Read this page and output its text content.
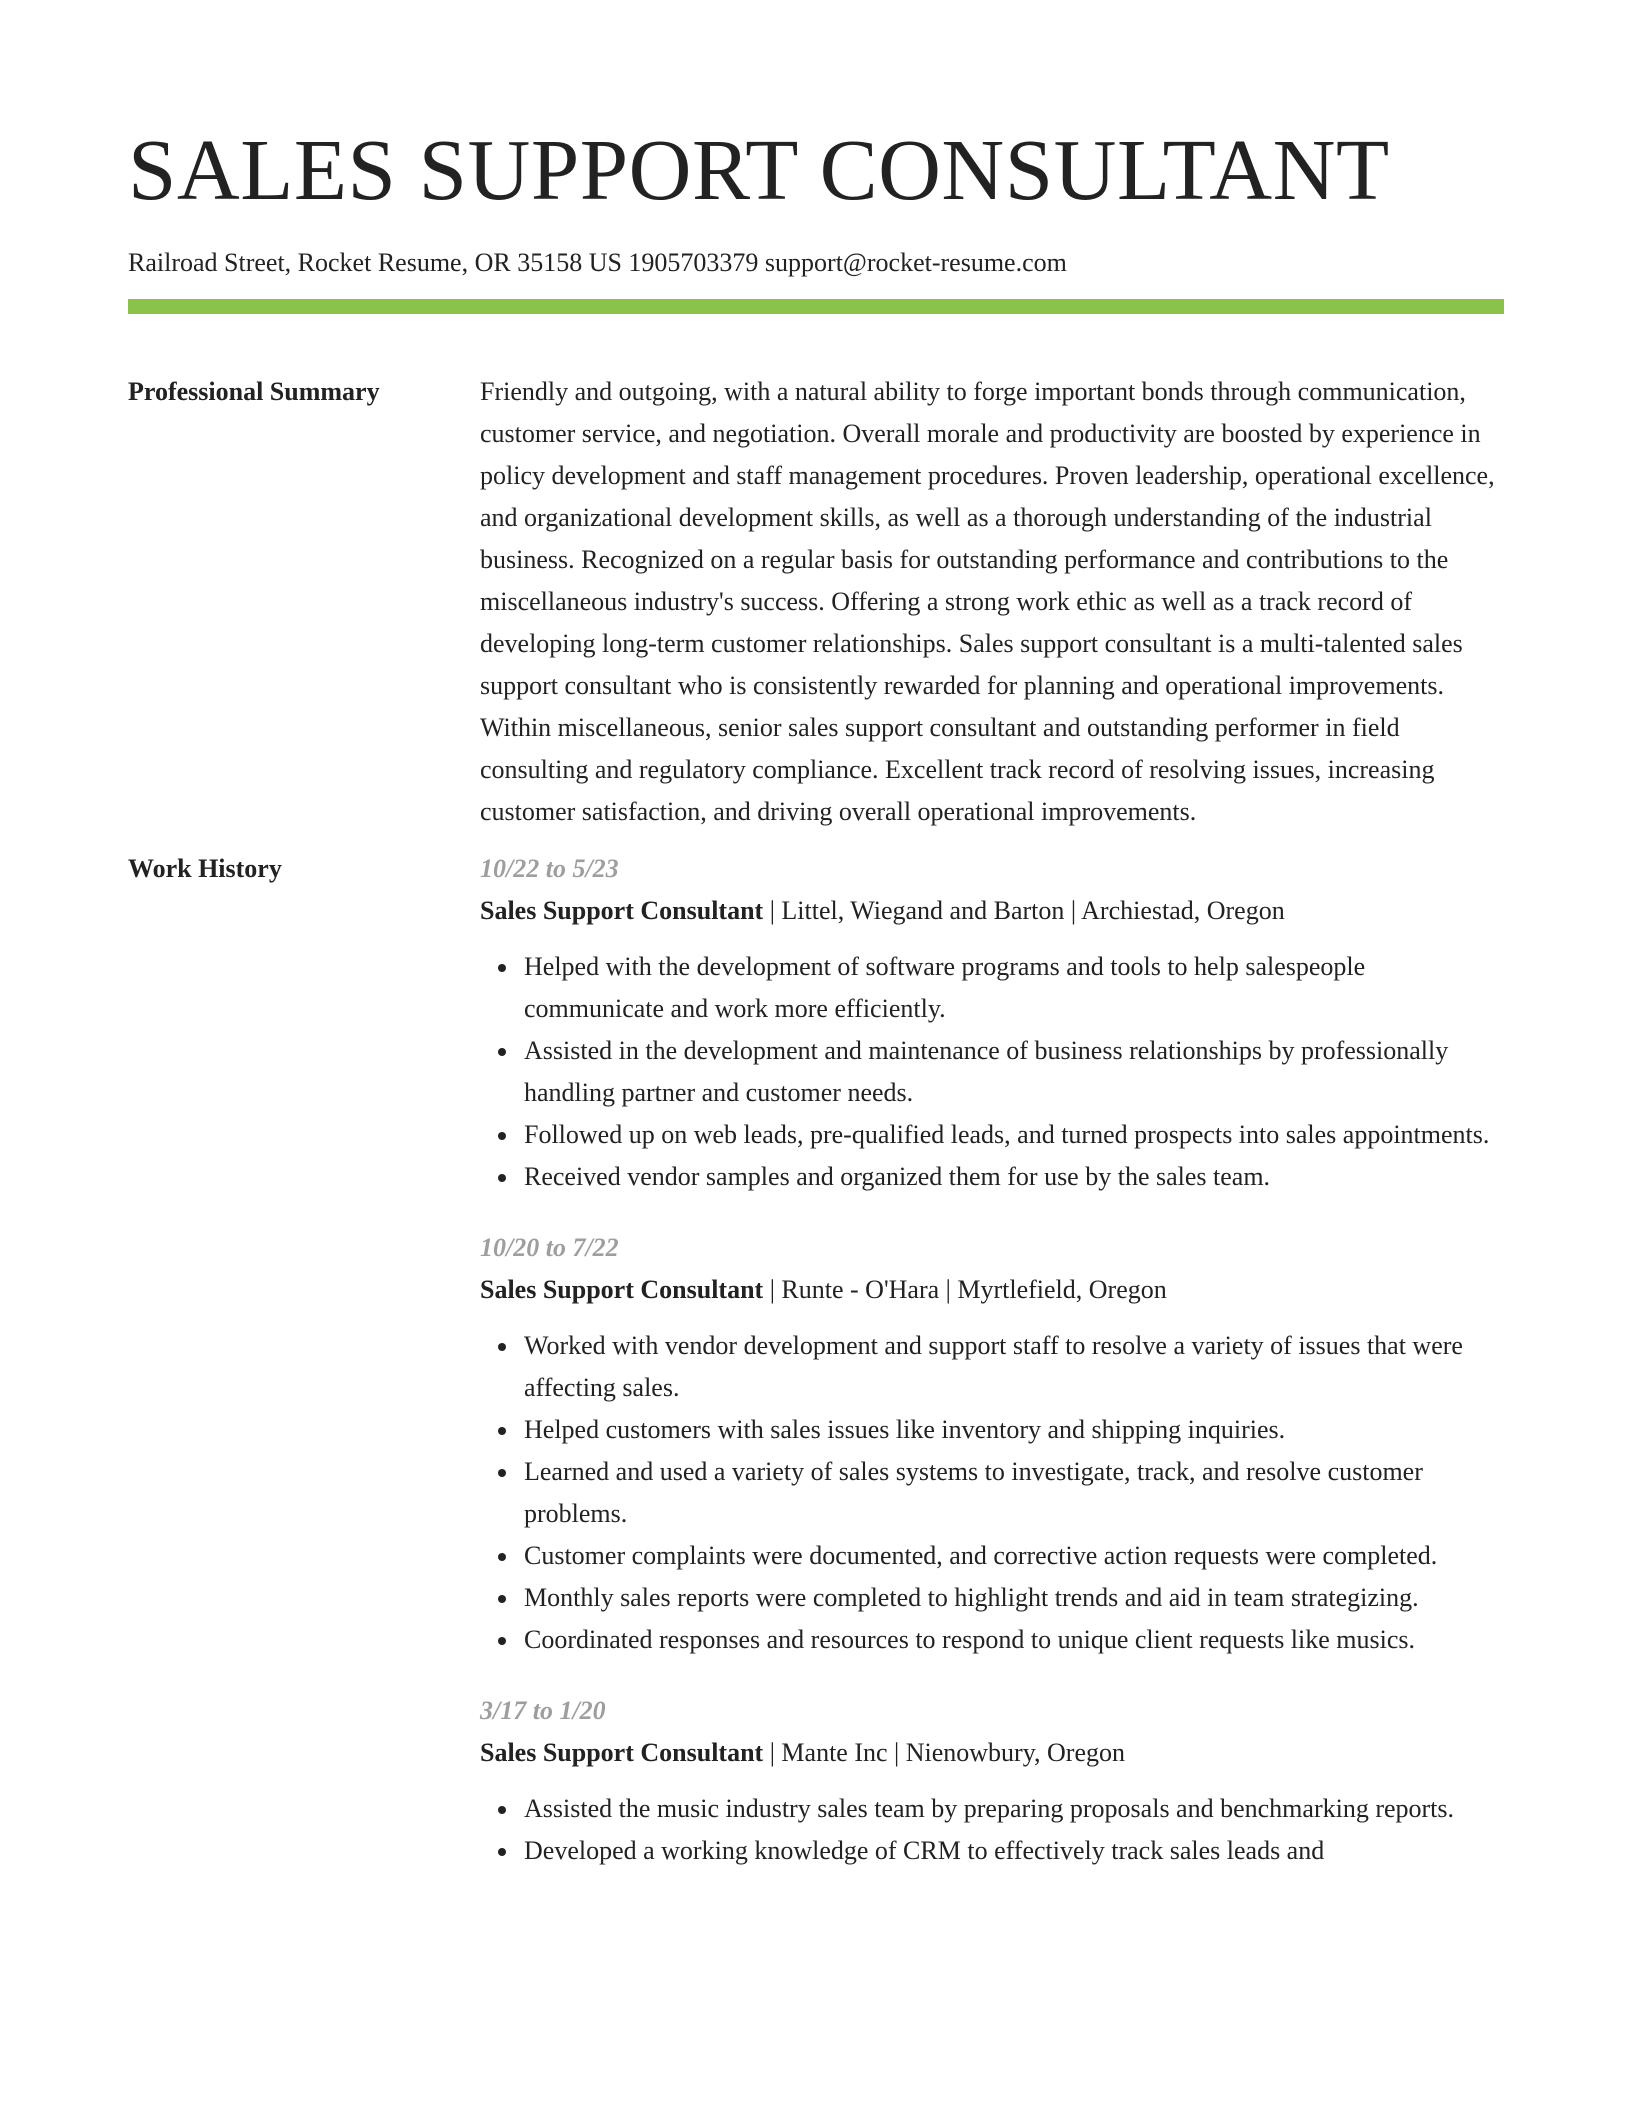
SALES SUPPORT CONSULTANT
Railroad Street, Rocket Resume, OR 35158 US 1905703379 support@rocket-resume.com
Professional Summary	Friendly and outgoing, with a natural ability to forge important bonds through communication, customer service, and negotiation. Overall morale and productivity are boosted by experience in policy development and staff management procedures. Proven leadership, operational excellence, and organizational development skills, as well as a thorough understanding of the industrial business. Recognized on a regular basis for outstanding performance and contributions to the miscellaneous industry's success. Offering a strong work ethic as well as a track record of developing long-term customer relationships. Sales support consultant is a multi-talented sales support consultant who is consistently rewarded for planning and operational improvements. Within miscellaneous, senior sales support consultant and outstanding performer in field consulting and regulatory compliance. Excellent track record of resolving issues, increasing customer satisfaction, and driving overall operational improvements.
Work History	10/22 to 5/23
Sales Support Consultant | Littel, Wiegand and Barton | Archiestad, Oregon
Helped with the development of software programs and tools to help salespeople communicate and work more efficiently.
Assisted in the development and maintenance of business relationships by professionally handling partner and customer needs.
Followed up on web leads, pre-qualified leads, and turned prospects into sales appointments.
Received vendor samples and organized them for use by the sales team.
10/20 to 7/22
Sales Support Consultant | Runte - O'Hara | Myrtlefield, Oregon
Worked with vendor development and support staff to resolve a variety of issues that were affecting sales.
Helped customers with sales issues like inventory and shipping inquiries.
Learned and used a variety of sales systems to investigate, track, and resolve customer problems.
Customer complaints were documented, and corrective action requests were completed.
Monthly sales reports were completed to highlight trends and aid in team strategizing.
Coordinated responses and resources to respond to unique client requests like musics.
3/17 to 1/20
Sales Support Consultant | Mante Inc | Nienowbury, Oregon
Assisted the music industry sales team by preparing proposals and benchmarking reports.
Developed a working knowledge of CRM to effectively track sales leads and
